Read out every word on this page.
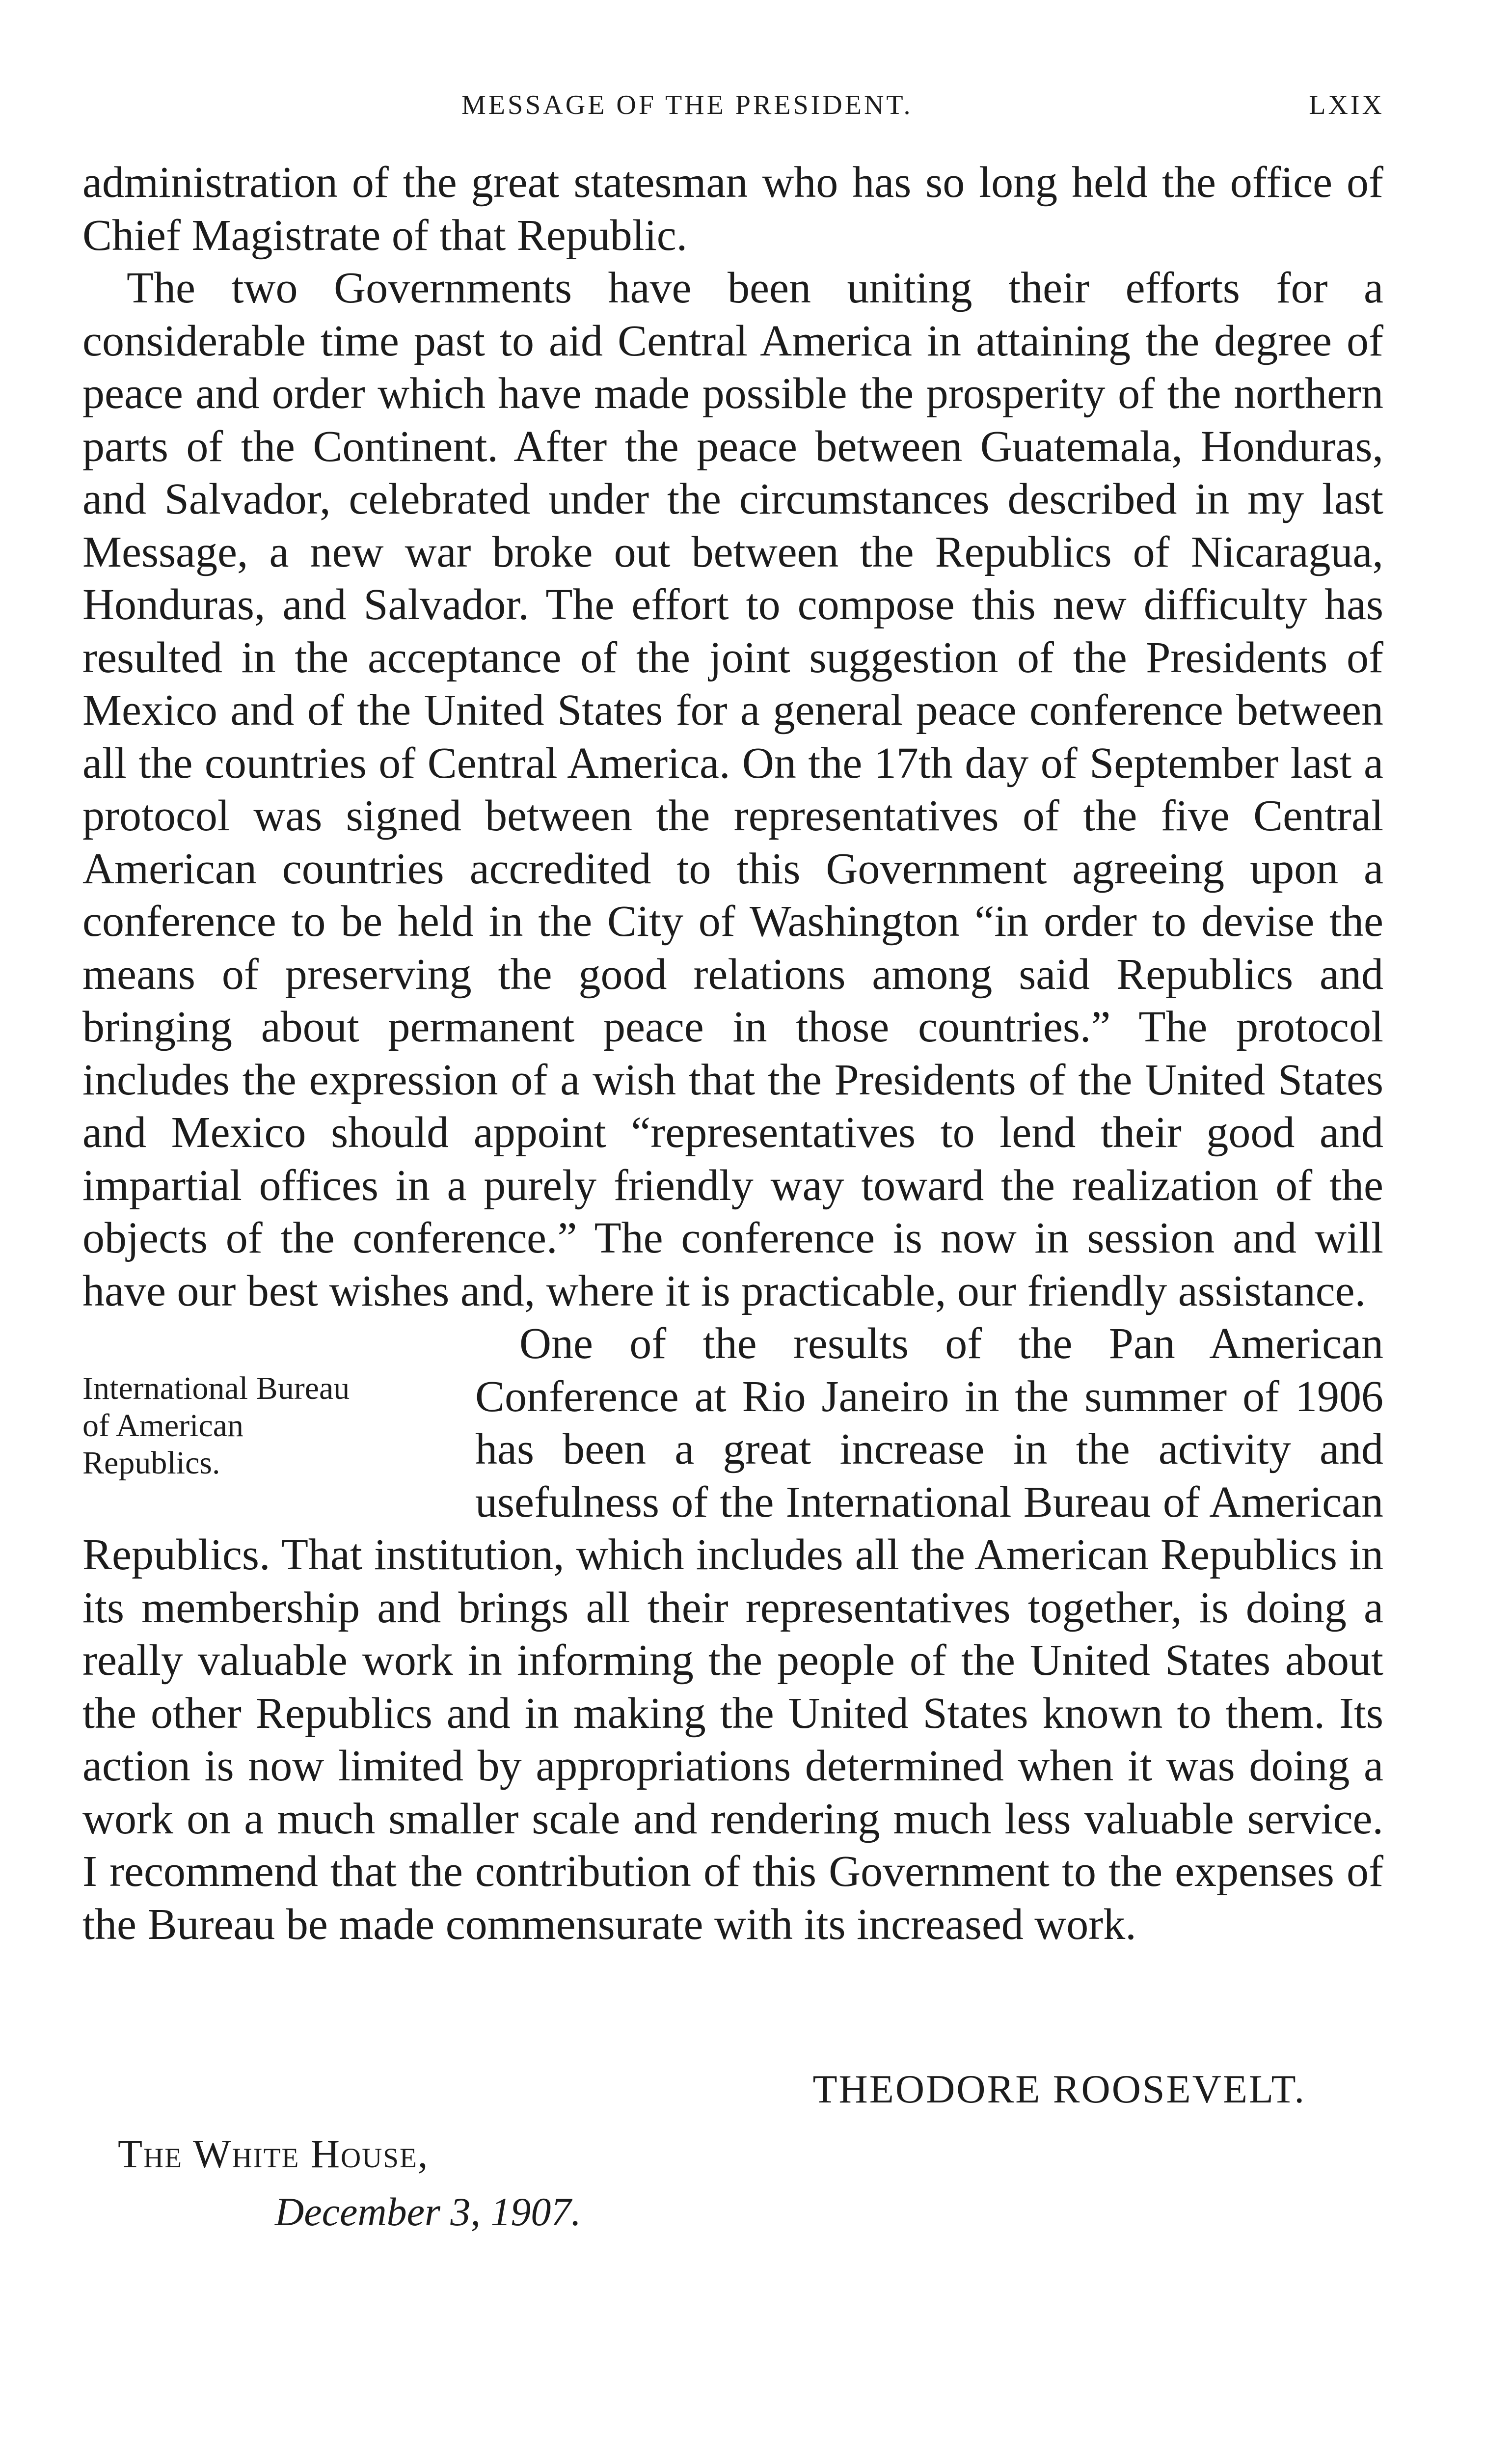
MESSAGE OF THE PRESIDENT.	LXIX

administration of the great statesman who has so long held the office of Chief Magistrate of that Republic.

The two Governments have been uniting their efforts for a considerable time past to aid Central America in attaining the degree of peace and order which have made possible the prosperity of the northern parts of the Continent. After the peace between Guatemala, Honduras, and Salvador, celebrated under the circumstances described in my last Message, a new war broke out between the Republics of Nicaragua, Honduras, and Salvador. The effort to compose this new difficulty has resulted in the acceptance of the joint suggestion of the Presidents of Mexico and of the United States for a general peace conference between all the countries of Central America. On the 17th day of September last a protocol was signed between the representatives of the five Central American countries accredited to this Government agreeing upon a conference to be held in the City of Washington “in order to devise the means of preserving the good relations among said Republics and bringing about permanent peace in those countries.” The protocol includes the expression of a wish that the Presidents of the United States and Mexico should appoint “representatives to lend their good and impartial offices in a purely friendly way toward the realization of the objects of the conference.” The conference is now in session and will have our best wishes and, where it is practicable, our friendly assistance.

International Bureau
of American
Republics.
One of the results of the Pan American Conference at Rio Janeiro in the summer of 1906 has been a great increase in the activity and usefulness of the International Bureau of American Republics. That institution, which includes all the American Republics in its membership and brings all their representatives together, is doing a really valuable work in informing the people of the United States about the other Republics and in making the United States known to them. Its action is now limited by appropriations determined when it was doing a work on a much smaller scale and rendering much less valuable service. I recommend that the contribution of this Government to the expenses of the Bureau be made commensurate with its increased work.

THEODORE ROOSEVELT.
The White House,
December 3, 1907.
